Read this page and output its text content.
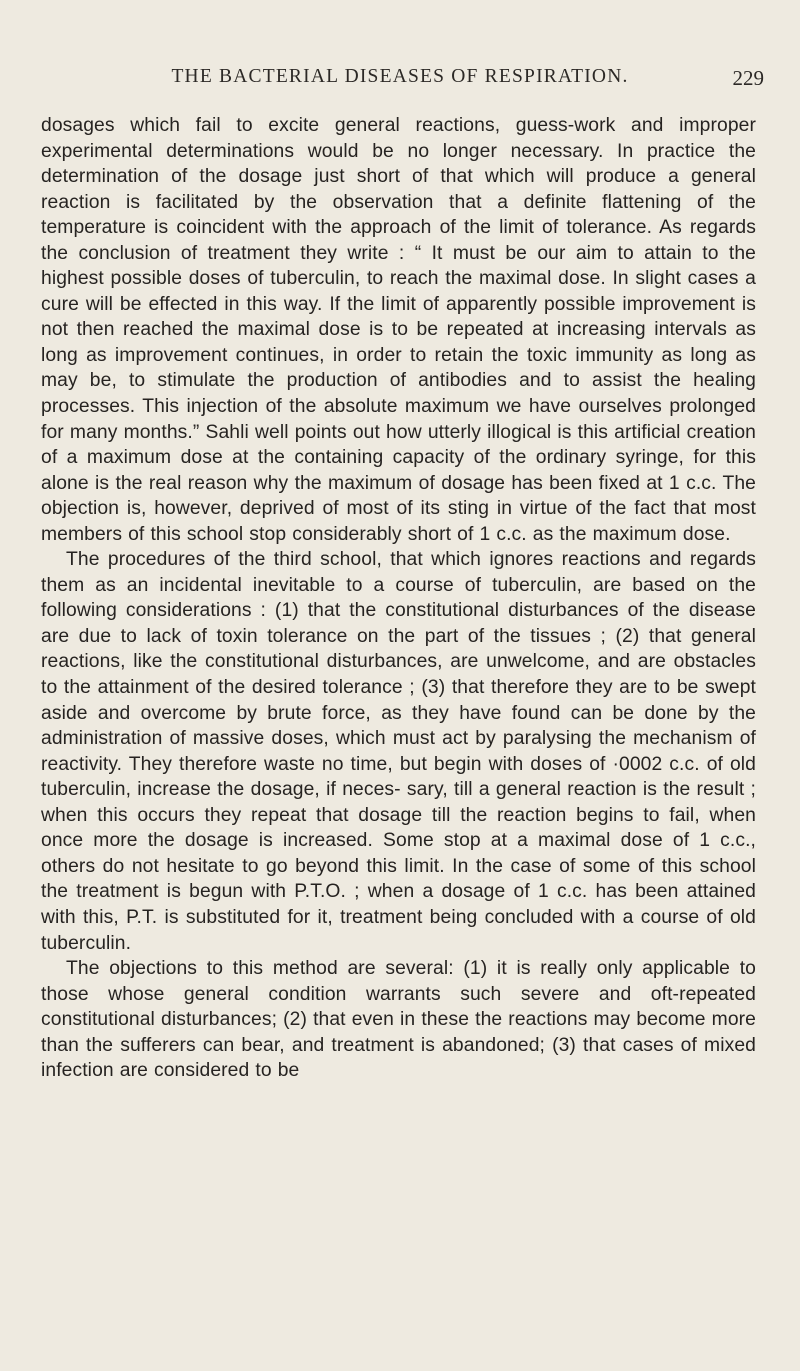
THE BACTERIAL DISEASES OF RESPIRATION.	229

dosages which fail to excite general reactions, guess-work and improper experimental determinations would be no longer necessary. In practice the determination of the dosage just short of that which will produce a general reaction is facilitated by the observation that a definite flattening of the temperature is coincident with the approach of the limit of tolerance. As regards the conclusion of treatment they write : “ It must be our aim to attain to the highest possible doses of tuberculin, to reach the maximal dose. In slight cases a cure will be effected in this way. If the limit of apparently possible improvement is not then reached the maximal dose is to be repeated at increasing intervals as long as improvement continues, in order to retain the toxic immunity as long as may be, to stimulate the production of antibodies and to assist the healing processes. This injection of the absolute maximum we have ourselves prolonged for many months.” Sahli well points out how utterly illogical is this artificial creation of a maximum dose at the containing capacity of the ordinary syringe, for this alone is the real reason why the maximum of dosage has been fixed at 1 c.c. The objection is, however, deprived of most of its sting in virtue of the fact that most members of this school stop considerably short of 1 c.c. as the maximum dose.

The procedures of the third school, that which ignores reactions and regards them as an incidental inevitable to a course of tuberculin, are based on the following considerations : (1) that the constitutional disturbances of the disease are due to lack of toxin tolerance on the part of the tissues ; (2) that general reactions, like the constitutional disturbances, are unwelcome, and are obstacles to the attainment of the desired tolerance ; (3) that therefore they are to be swept aside and overcome by brute force, as they have found can be done by the administration of massive doses, which must act by paralysing the mechanism of reactivity. They therefore waste no time, but begin with doses of ·0002 c.c. of old tuberculin, increase the dosage, if neces- sary, till a general reaction is the result ; when this occurs they repeat that dosage till the reaction begins to fail, when once more the dosage is increased. Some stop at a maximal dose of 1 c.c., others do not hesitate to go beyond this limit. In the case of some of this school the treatment is begun with P.T.O. ; when a dosage of 1 c.c. has been attained with this, P.T. is substituted for it, treatment being concluded with a course of old tuberculin.

The objections to this method are several: (1) it is really only applicable to those whose general condition warrants such severe and oft-repeated constitutional disturbances; (2) that even in these the reactions may become more than the sufferers can bear, and treatment is abandoned; (3) that cases of mixed infection are considered to be
